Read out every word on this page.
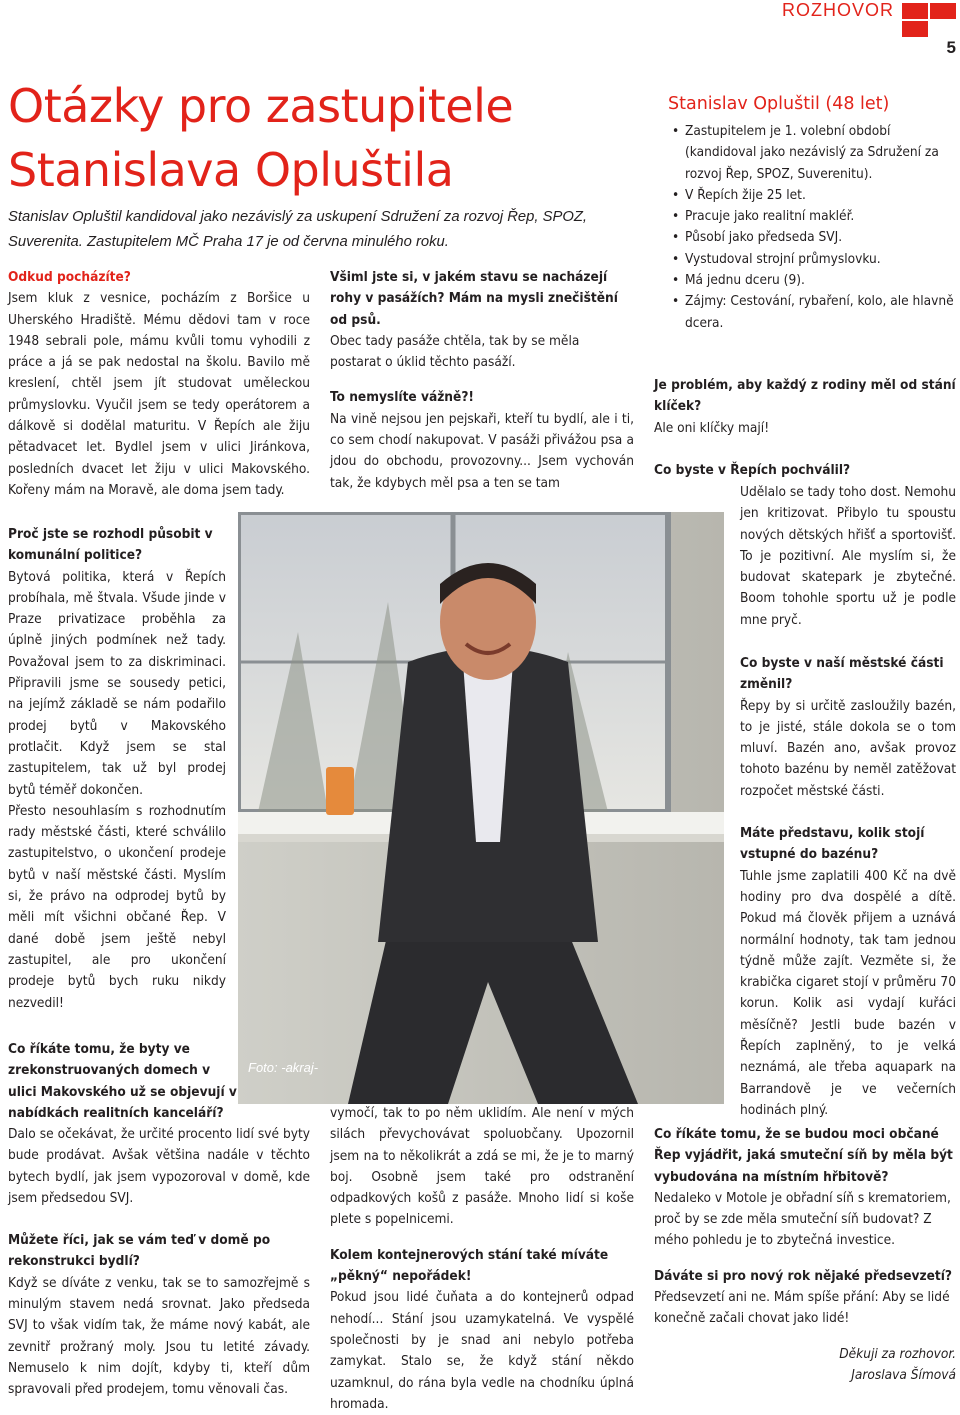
ROZHOVOR
5
Otázky pro zastupitele
Stanislava Opluštila

Stanislav Opluštil kandidoval jako nezávislý za uskupení Sdružení za rozvoj Řep, SPOZ, Suverenita. Zastupitelem MČ Praha 17 je od června minulého roku.

Stanislav Opluštil (48 let)
• Zastupitelem je 1. volební období (kandidoval jako nezávislý za Sdružení za rozvoj Řep, SPOZ, Suverenitu).
• V Řepích žije 25 let.
• Pracuje jako realitní makléř.
• Působí jako předseda SVJ.
• Vystudoval strojní průmyslovku.
• Má jednu dceru (9).
• Zájmy: Cestování, rybaření, kolo, ale hlavně dcera.

Odkud pocházíte?

Jsem kluk z vesnice, pocházím z Boršice u Uherského Hradiště. Mému dědovi tam v roce 1948 sebrali pole, mámu kvůli tomu vyhodili z práce a já se pak nedostal na školu. Bavilo mě kreslení, chtěl jsem jít studovat uměleckou průmyslovku. Vyučil jsem se tedy operátorem a dálkově si dodělal maturitu. V Řepích ale žiju pětadvacet let. Bydlel jsem v ulici Jiránkova, posledních dvacet let žiju v ulici Makovského. Kořeny mám na Moravě, ale doma jsem tady.

Proč jste se rozhodl působit v komunální politice?

Bytová politika, která v Řepích probíhala, mě štvala. Všude jinde v Praze privatizace proběhla za úplně jiných podmínek než tady. Považoval jsem to za diskriminaci. Připravili jsme se sousedy petici, na jejímž základě se nám podařilo prodej bytů v Makovského protlačit. Když jsem se stal zastupitelem, tak už byl prodej bytů téměř dokončen.

Přesto nesouhlasím s rozhodnutím rady městské části, které schválilo zastupitelstvo, o ukončení prodeje bytů v naší městské části. Myslím si, že právo na odprodej bytů by měli mít všichni občané Řep. V dané době jsem ještě nebyl zastupitel, ale pro ukončení prodeje bytů bych ruku nikdy nezvedil!

Co říkáte tomu, že byty ve zrekonstruovaných domech v ulici Makovského už se objevují v nabídkách realitních kanceláří?

Dalo se očekávat, že určité procento lidí své byty bude prodávat. Avšak většina nadále v těchto bytech bydlí, jak jsem vypozoroval v domě, kde jsem předsedou SVJ.

Můžete říci, jak se vám teď v domě po rekonstrukci bydlí?

Když se díváte z venku, tak se to samozřejmě s minulým stavem nedá srovnat. Jako předseda SVJ to však vidím tak, že máme nový kabát, ale zevnitř prožraný moly. Jsou tu letité závady. Nemuselo k nim dojít, kdyby ti, kteří dům spravovali před prodejem, tomu věnovali čas.

Všiml jste si, v jakém stavu se nacházejí rohy v pasážích? Mám na mysli znečištění od psů.

Obec tady pasáže chtěla, tak by se měla postarat o úklid těchto pasáží.

To nemyslíte vážně?!

Na vině nejsou jen pejskaři, kteří tu bydlí, ale i ti, co sem chodí nakupovat. V pasáži přivážou psa a jdou do obchodu, provozovny... Jsem vychován tak, že kdybych měl psa a ten se tam

vymočí, tak to po něm uklidím. Ale není v mých silách převychovávat spoluobčany. Upozornil jsem na to několikrát a zdá se mi, že je to marný boj. Osobně jsem také pro odstranění odpadkových košů z pasáže. Mnoho lidí si koše plete s popelnicemi.

Kolem kontejnerových stání také míváte „pěkný“ nepořádek!

Pokud jsou lidé čuňata a do kontejnerů odpad nehodí... Stání jsou uzamykatelná. Ve vyspělé společnosti by je snad ani nebylo potřeba zamykat. Stalo se, že když stání někdo uzamknul, do rána byla vedle na chodníku úplná hromada.

Foto: -akraj-

Je problém, aby každý z rodiny měl od stání klíček?

Ale oni klíčky mají!

Co byste v Řepích pochválil?

Udělalo se tady toho dost. Nemohu jen kritizovat. Přibylo tu spoustu nových dětských hřišť a sportovišť. To je pozitivní. Ale myslím si, že budovat skatepark je zbytečné. Boom tohohle sportu už je podle mne pryč.

Co byste v naší městské části změnil?

Řepy by si určitě zasloužily bazén, to je jisté, stále dokola se o tom mluví. Bazén ano, avšak provoz tohoto bazénu by neměl zatěžovat rozpočet městské části.

Máte představu, kolik stojí vstupné do bazénu?

Tuhle jsme zaplatili 400 Kč na dvě hodiny pro dva dospělé a dítě. Pokud má člověk přijem a uznává normální hodnoty, tak tam jednou týdně může zajít. Vezměte si, že krabička cigaret stojí v průměru 70 korun. Kolik asi vydají kuřáci měsíčně? Jestli bude bazén v Řepích zaplněný, to je velká neznámá, ale třeba aquapark na Barrandově je ve večerních hodinách plný.

Co říkáte tomu, že se budou moci občané Řep vyjádřit, jaká smuteční síň by měla být vybudována na místním hřbitově?

Nedaleko v Motole je obřadní síň s krematoriem, proč by se zde měla smuteční síň budovat? Z mého pohledu je to zbytečná investice.

Dáváte si pro nový rok nějaké předsevzetí?

Předsevzetí ani ne. Mám spíše přání: Aby se lidé konečně začali chovat jako lidé!

Děkuji za rozhovor.

Jaroslava Šímová
